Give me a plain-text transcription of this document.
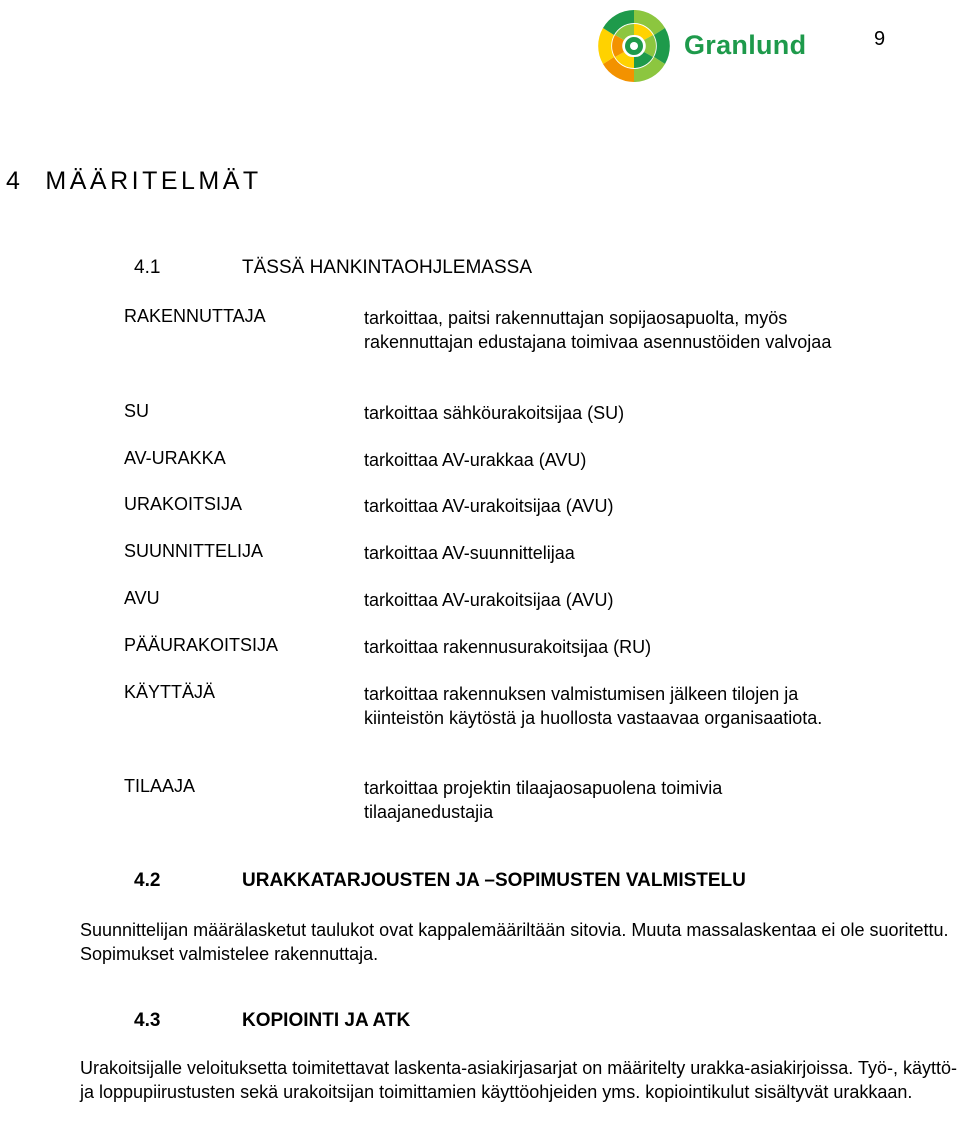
9
Granlund
4 MÄÄRITELMÄT
4.1	TÄSSÄ HANKINTAOHJLEMASSA
RAKENNUTTAJA	tarkoittaa, paitsi rakennuttajan sopijaosapuolta, myös rakennuttajan edustajana toimivaa asennustöiden valvojaa
SU	tarkoittaa sähköurakoitsijaa (SU)
AV-URAKKA	tarkoittaa AV-urakkaa (AVU)
URAKOITSIJA	tarkoittaa AV-urakoitsijaa (AVU)
SUUNNITTELIJA	tarkoittaa AV-suunnittelijaa
AVU	tarkoittaa AV-urakoitsijaa (AVU)
PÄÄURAKOITSIJA	tarkoittaa rakennusurakoitsijaa (RU)
KÄYTTÄJÄ	tarkoittaa rakennuksen valmistumisen jälkeen tilojen ja kiinteistön käytöstä ja huollosta vastaavaa organisaatiota.
TILAAJA	tarkoittaa projektin tilaajaosapuolena toimivia tilaajanedustajia
4.2	URAKKATARJOUSTEN JA –SOPIMUSTEN VALMISTELU
Suunnittelijan määrälasketut taulukot ovat kappalemääriltään sitovia. Muuta massalaskentaa ei ole suoritettu. Sopimukset valmistelee rakennuttaja.
4.3	KOPIOINTI JA ATK
Urakoitsijalle veloituksetta toimitettavat laskenta-asiakirjasarjat on määritelty urakka-asiakirjoissa. Työ-, käyttö- ja loppupiirustusten sekä urakoitsijan toimittamien käyttöohjeiden yms. kopiointikulut sisältyvät urakkaan.
